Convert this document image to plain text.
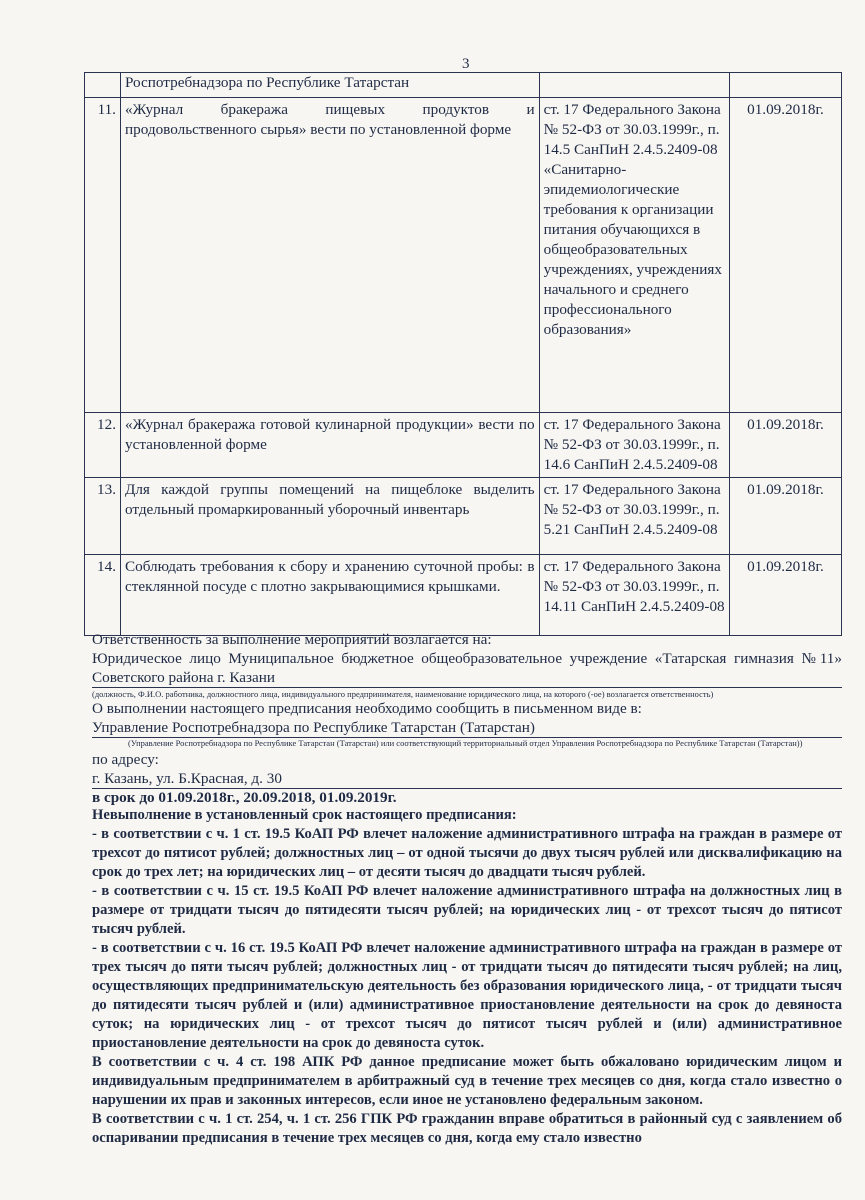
3
	Роспотребнадзора по Республике Татарстан		
11.	«Журнал бракеража пищевых продуктов и продовольственного сырья» вести по установленной форме	ст. 17 Федерального Закона № 52-ФЗ от 30.03.1999г., п. 14.5 СанПиН 2.4.5.2409-08 «Санитарно-эпидемиологические требования к организации питания обучающихся в общеобразовательных учреждениях, учреждениях начального и среднего профессионального образования»	01.09.2018г.
12.	«Журнал бракеража готовой кулинарной продукции» вести по установленной форме	ст. 17 Федерального Закона № 52-ФЗ от 30.03.1999г., п. 14.6 СанПиН 2.4.5.2409-08	01.09.2018г.
13.	Для каждой группы помещений на пищеблоке выделить отдельный промаркированный уборочный инвентарь	ст. 17 Федерального Закона № 52-ФЗ от 30.03.1999г., п. 5.21 СанПиН 2.4.5.2409-08	01.09.2018г.
14.	Соблюдать требования к сбору и хранению суточной пробы: в стеклянной посуде с плотно закрывающимися крышками.	ст. 17 Федерального Закона № 52-ФЗ от 30.03.1999г., п. 14.11 СанПиН 2.4.5.2409-08	01.09.2018г.
Ответственность за выполнение мероприятий возлагается на:
Юридическое лицо Муниципальное бюджетное общеобразовательное учреждение «Татарская гимназия №11» Советского района г. Казани
(должность, Ф.И.О. работника, должностного лица, индивидуального предпринимателя, наименование юридического лица, на которого (-ое) возлагается ответственность)
О выполнении настоящего предписания необходимо сообщить в письменном виде в:
Управление Роспотребнадзора по Республике Татарстан (Татарстан)
(Управление Роспотребнадзора по Республике Татарстан (Татарстан) или соответствующий территориальный отдел Управления Роспотребнадзора по Республике Татарстан (Татарстан))
по адресу:
г. Казань, ул. Б.Красная, д. 30
в срок до 01.09.2018г., 20.09.2018, 01.09.2019г.

Невыполнение в установленный срок настоящего предписания:

- в соответствии с ч. 1 ст. 19.5 КоАП РФ влечет наложение административного штрафа на граждан в размере от трехсот до пятисот рублей; должностных лиц – от одной тысячи до двух тысяч рублей или дисквалификацию на срок до трех лет; на юридических лиц – от десяти тысяч до двадцати тысяч рублей.

- в соответствии с ч. 15 ст. 19.5 КоАП РФ влечет наложение административного штрафа на должностных лиц в размере от тридцати тысяч до пятидесяти тысяч рублей; на юридических лиц - от трехсот тысяч до пятисот тысяч рублей.

- в соответствии с ч. 16 ст. 19.5 КоАП РФ влечет наложение административного штрафа на граждан в размере от трех тысяч до пяти тысяч рублей; должностных лиц - от тридцати тысяч до пятидесяти тысяч рублей; на лиц, осуществляющих предпринимательскую деятельность без образования юридического лица, - от тридцати тысяч до пятидесяти тысяч рублей и (или) административное приостановление деятельности на срок до девяноста суток; на юридических лиц - от трехсот тысяч до пятисот тысяч рублей и (или) административное приостановление деятельности на срок до девяноста суток.

В соответствии с ч. 4 ст. 198 АПК РФ данное предписание может быть обжаловано юридическим лицом и индивидуальным предпринимателем в арбитражный суд в течение трех месяцев со дня, когда стало известно о нарушении их прав и законных интересов, если иное не установлено федеральным законом.

В соответствии с ч. 1 ст. 254, ч. 1 ст. 256 ГПК РФ гражданин вправе обратиться в районный суд с заявлением об оспаривании предписания в течение трех месяцев со дня, когда ему стало известно
